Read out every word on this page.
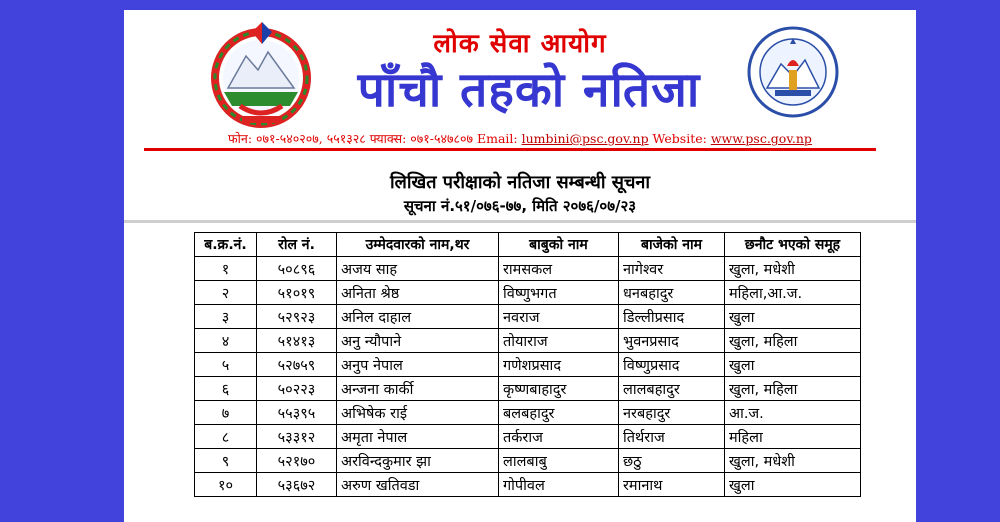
लोक सेवा आयोग
पाँचौ तहको नतिजा
फोन: ०७१-५४०२०७, ५५१३२८ फ्याक्स: ०७१-५४७८०७ Email: lumbini@psc.gov.np Website: www.psc.gov.np
लिखित परीक्षाको नतिजा सम्बन्धी सूचना
सूचना नं.५१/०७६-७७, मिति २०७६/०७/२३
ब.क्र.नं.	रोल नं.	उम्मेदवारको नाम,थर	बाबुको नाम	बाजेको नाम	छनौट भएको समूह
१	५०८९६	अजय साह	रामसकल	नागेश्वर	खुला, मधेशी
२	५१०१९	अनिता श्रेष्ठ	विष्णुभगत	धनबहादुर	महिला,आ.ज.
३	५२९२३	अनिल दाहाल	नवराज	डिल्लीप्रसाद	खुला
४	५१४१३	अनु न्यौपाने	तोयाराज	भुवनप्रसाद	खुला, महिला
५	५२७५९	अनुप नेपाल	गणेशप्रसाद	विष्णुप्रसाद	खुला
६	५०२२३	अन्जना कार्की	कृष्णबाहादुर	लालबहादुर	खुला, महिला
७	५५३९५	अभिषेक राई	बलबहादुर	नरबहादुर	आ.ज.
८	५३३१२	अमृता नेपाल	तर्कराज	तिर्थराज	महिला
९	५२१७०	अरविन्दकुमार झा	लालबाबु	छठु	खुला, मधेशी
१०	५३६७२	अरुण खतिवडा	गोपीवल	रमानाथ	खुला
